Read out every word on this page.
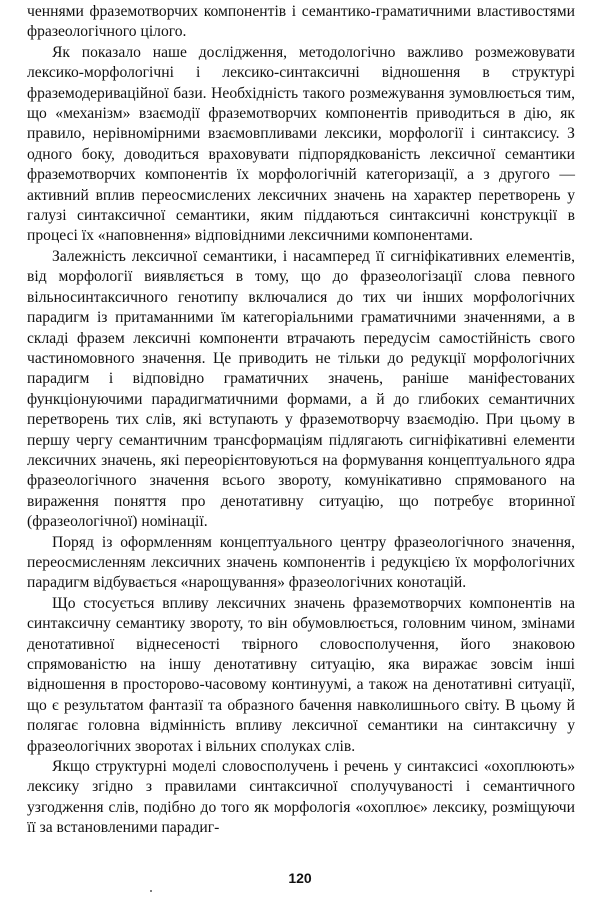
ченнями фраземотворчих компонентів і семантико-граматичними властивостями фразеологічного цілого.

Як показало наше дослідження, методологічно важливо розмежовувати лексико-морфологічні і лексико-синтаксичні відношення в структурі фраземодериваційної бази. Необхідність такого розмежування зумовлюється тим, що «механізм» взаємодії фраземотворчих компонентів приводиться в дію, як правило, нерівномірними взаємовпливами лексики, морфології і синтаксису. З одного боку, доводиться враховувати підпорядкованість лексичної семантики фраземотворчих компонентів їх морфологічній категоризації, а з другого — активний вплив переосмислених лексичних значень на характер перетворень у галузі синтаксичної семантики, яким піддаються синтаксичні конструкції в процесі їх «наповнення» відповідними лексичними компонентами.

Залежність лексичної семантики, і насамперед її сигніфікативних елементів, від морфології виявляється в тому, що до фразеологізації слова певного вільносинтаксичного генотипу включалися до тих чи інших морфологічних парадигм із притаманними їм категоріальними граматичними значеннями, а в складі фразем лексичні компоненти втрачають передусім самостійність свого частиномовного значення. Це приводить не тільки до редукції морфологічних парадигм і відповідно граматичних значень, раніше маніфестованих функціонуючими парадигматичними формами, а й до глибоких семантичних перетворень тих слів, які вступають у фраземотворчу взаємодію. При цьому в першу чергу семантичним трансформаціям підлягають сигніфікативні елементи лексичних значень, які переорієнтовуються на формування концептуального ядра фразеологічного значення всього звороту, комунікативно спрямованого на вираження поняття про денотативну ситуацію, що потребує вторинної (фразеологічної) номінації.

Поряд із оформленням концептуального центру фразеологічного значення, переосмисленням лексичних значень компонентів і редукцією їх морфологічних парадигм відбувається «нарощування» фразеологічних конотацій.

Що стосується впливу лексичних значень фраземотворчих компонентів на синтаксичну семантику звороту, то він обумовлюється, головним чином, змінами денотативної віднесеності твірного словосполучення, його знаковою спрямованістю на іншу денотативну ситуацію, яка виражає зовсім інші відношення в просторово-часовому континуумі, а також на денотативні ситуації, що є результатом фантазії та образного бачення навколишнього світу. В цьому й полягає головна відмінність впливу лексичної семантики на синтаксичну у фразеологічних зворотах і вільних сполуках слів.

Якщо структурні моделі словосполучень і речень у синтаксисі «охоплюють» лексику згідно з правилами синтаксичної сполучуваності і семантичного узгодження слів, подібно до того як морфологія «охоплює» лексику, розміщуючи її за встановленими парадиг-

120
